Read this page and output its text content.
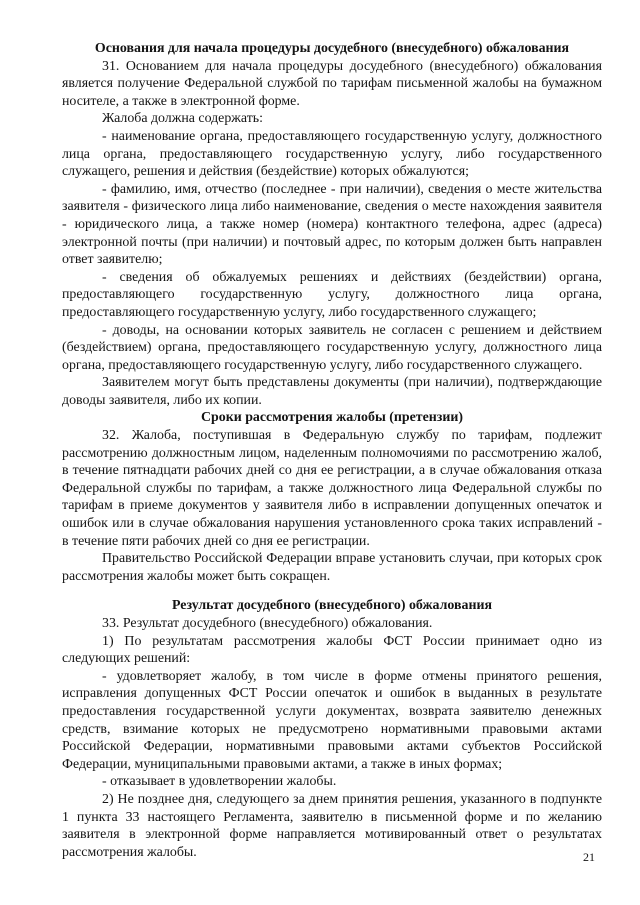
Основания для начала процедуры досудебного (внесудебного) обжалования

31. Основанием для начала процедуры досудебного (внесудебного) обжалования является получение Федеральной службой по тарифам письменной жалобы на бумажном носителе, а также в электронной форме.

Жалоба должна содержать:

- наименование органа, предоставляющего государственную услугу, должностного лица органа, предоставляющего государственную услугу, либо государственного служащего, решения и действия (бездействие) которых обжалуются;

- фамилию, имя, отчество (последнее - при наличии), сведения о месте жительства заявителя - физического лица либо наименование, сведения о месте нахождения заявителя - юридического лица, а также номер (номера) контактного телефона, адрес (адреса) электронной почты (при наличии) и почтовый адрес, по которым должен быть направлен ответ заявителю;

- сведения об обжалуемых решениях и действиях (бездействии) органа, предоставляющего государственную услугу, должностного лица органа, предоставляющего государственную услугу, либо государственного служащего;

- доводы, на основании которых заявитель не согласен с решением и действием (бездействием) органа, предоставляющего государственную услугу, должностного лица органа, предоставляющего государственную услугу, либо государственного служащего.

Заявителем могут быть представлены документы (при наличии), подтверждающие доводы заявителя, либо их копии.

Сроки рассмотрения жалобы (претензии)

32. Жалоба, поступившая в Федеральную службу по тарифам, подлежит рассмотрению должностным лицом, наделенным полномочиями по рассмотрению жалоб, в течение пятнадцати рабочих дней со дня ее регистрации, а в случае обжалования отказа Федеральной службы по тарифам, а также должностного лица Федеральной службы по тарифам в приеме документов у заявителя либо в исправлении допущенных опечаток и ошибок или в случае обжалования нарушения установленного срока таких исправлений - в течение пяти рабочих дней со дня ее регистрации.

Правительство Российской Федерации вправе установить случаи, при которых срок рассмотрения жалобы может быть сокращен.

Результат досудебного (внесудебного) обжалования

33. Результат досудебного (внесудебного) обжалования.

1) По результатам рассмотрения жалобы ФСТ России принимает одно из следующих решений:

- удовлетворяет жалобу, в том числе в форме отмены принятого решения, исправления допущенных ФСТ России опечаток и ошибок в выданных в результате предоставления государственной услуги документах, возврата заявителю денежных средств, взимание которых не предусмотрено нормативными правовыми актами Российской Федерации, нормативными правовыми актами субъектов Российской Федерации, муниципальными правовыми актами, а также в иных формах;

- отказывает в удовлетворении жалобы.

2) Не позднее дня, следующего за днем принятия решения, указанного в подпункте 1 пункта 33 настоящего Регламента, заявителю в письменной форме и по желанию заявителя в электронной форме направляется мотивированный ответ о результатах рассмотрения жалобы.	21
